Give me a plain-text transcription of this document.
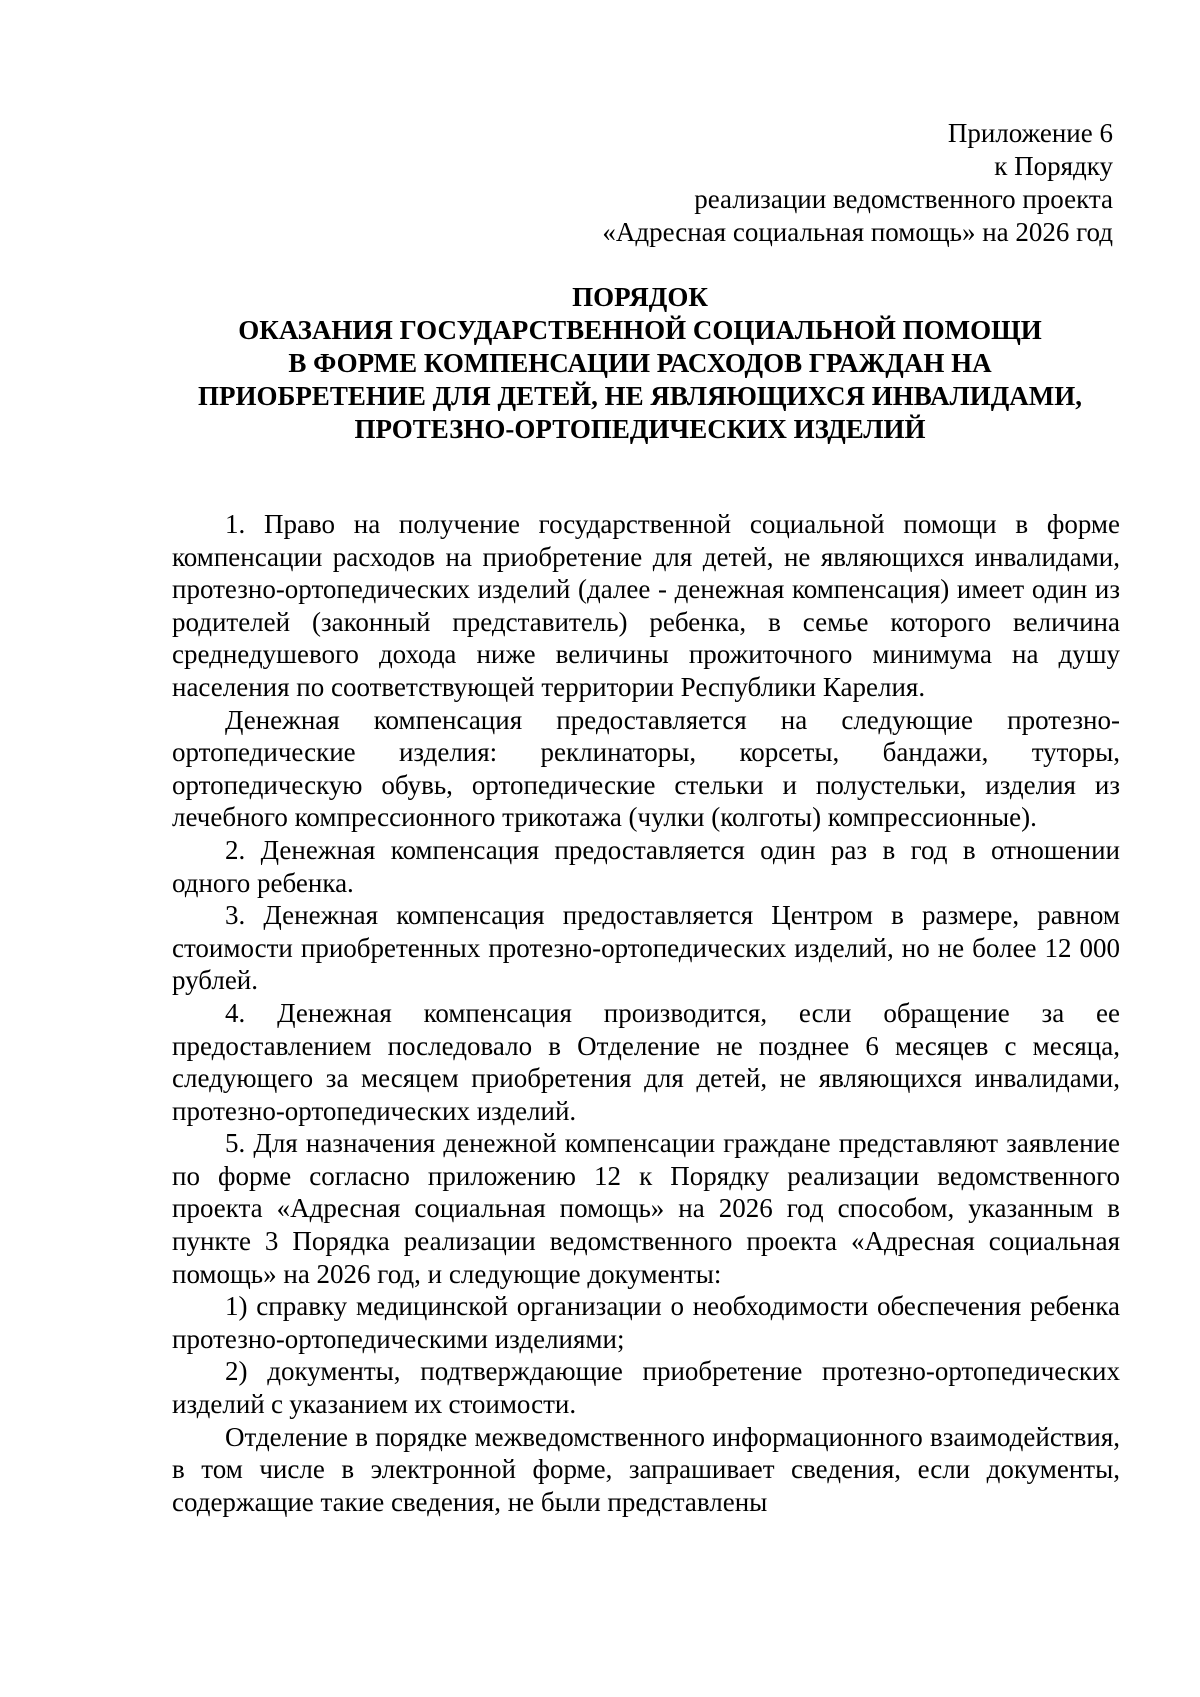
Приложение 6
к Порядку
реализации ведомственного проекта
«Адресная социальная помощь» на 2026 год
ПОРЯДОК
ОКАЗАНИЯ ГОСУДАРСТВЕННОЙ СОЦИАЛЬНОЙ ПОМОЩИ
В ФОРМЕ КОМПЕНСАЦИИ РАСХОДОВ ГРАЖДАН НА
ПРИОБРЕТЕНИЕ ДЛЯ ДЕТЕЙ, НЕ ЯВЛЯЮЩИХСЯ ИНВАЛИДАМИ,
ПРОТЕЗНО-ОРТОПЕДИЧЕСКИХ ИЗДЕЛИЙ

1. Право на получение государственной социальной помощи в форме компенсации расходов на приобретение для детей, не являющихся инвалидами, протезно-ортопедических изделий (далее - денежная компенсация) имеет один из родителей (законный представитель) ребенка, в семье которого величина среднедушевого дохода ниже величины прожиточного минимума на душу населения по соответствующей территории Республики Карелия.

Денежная компенсация предоставляется на следующие протезно-ортопедические изделия: реклинаторы, корсеты, бандажи, туторы, ортопедическую обувь, ортопедические стельки и полустельки, изделия из лечебного компрессионного трикотажа (чулки (колготы) компрессионные).

2. Денежная компенсация предоставляется один раз в год в отношении одного ребенка.

3. Денежная компенсация предоставляется Центром в размере, равном стоимости приобретенных протезно-ортопедических изделий, но не более 12 000 рублей.

4. Денежная компенсация производится, если обращение за ее предоставлением последовало в Отделение не позднее 6 месяцев с месяца, следующего за месяцем приобретения для детей, не являющихся инвалидами, протезно-ортопедических изделий.

5. Для назначения денежной компенсации граждане представляют заявление по форме согласно приложению 12 к Порядку реализации ведомственного проекта «Адресная социальная помощь» на 2026 год способом, указанным в пункте 3 Порядка реализации ведомственного проекта «Адресная социальная помощь» на 2026 год, и следующие документы:

1) справку медицинской организации о необходимости обеспечения ребенка протезно-ортопедическими изделиями;

2) документы, подтверждающие приобретение протезно-ортопедических изделий с указанием их стоимости.

Отделение в порядке межведомственного информационного взаимодействия, в том числе в электронной форме, запрашивает сведения, если документы, содержащие такие сведения, не были представлены
